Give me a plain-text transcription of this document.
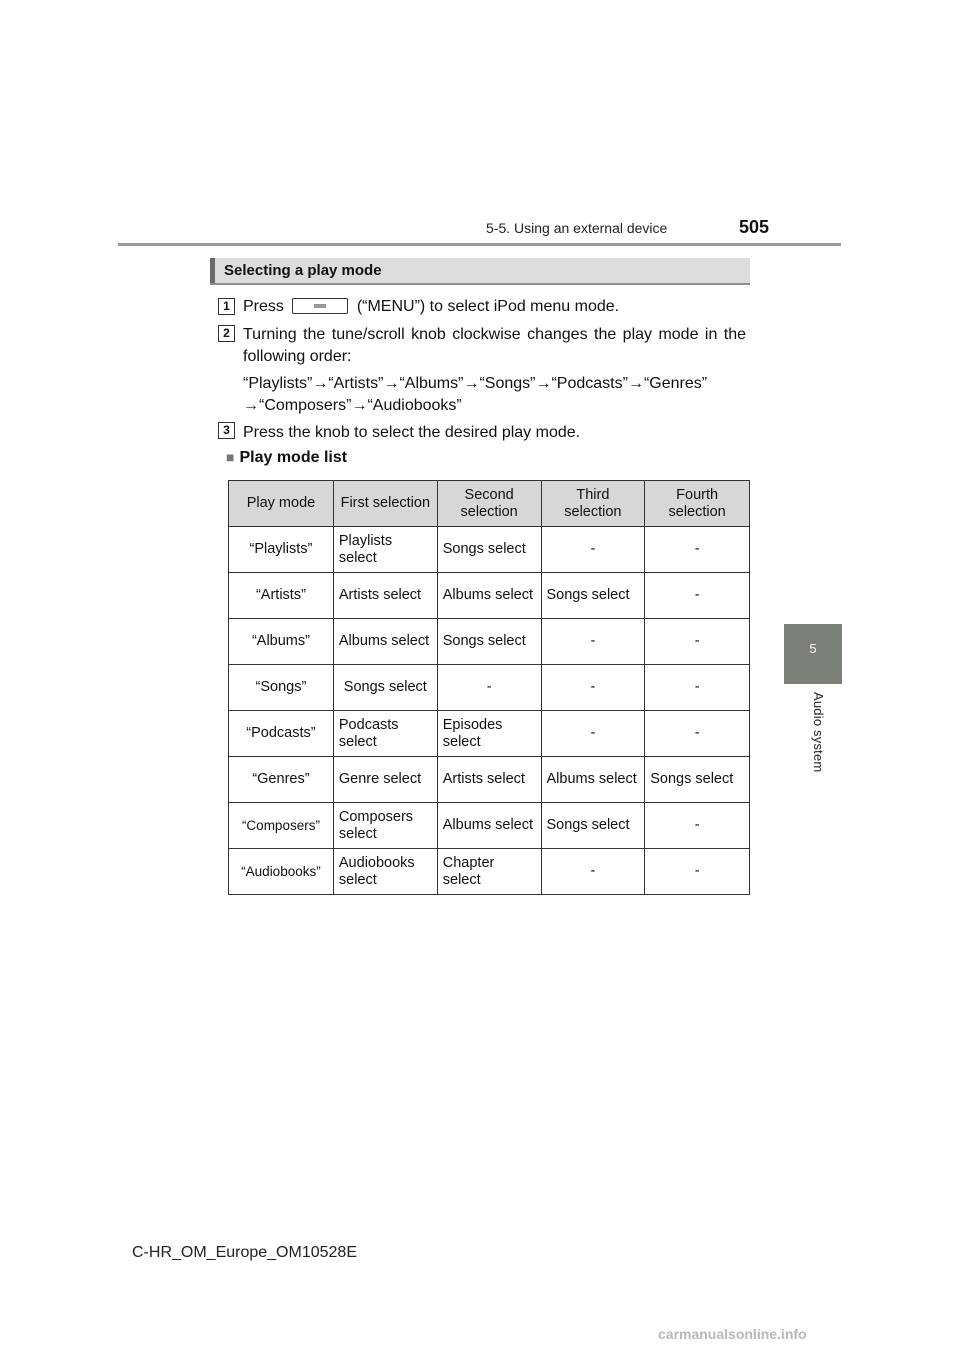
5-5. Using an external device	505
5
Audio system
Selecting a play mode
1 Press	(“MENU”) to select iPod menu mode.
2 Turning the tune/scroll knob clockwise changes the play mode in the following order:
“Playlists”→“Artists”→“Albums”→“Songs”→“Podcasts”→“Genres”
→“Composers”→“Audiobooks”
3 Press the knob to select the desired play mode.
■ Play mode list
Play mode	First selection	Second selection	Third selection	Fourth selection
“Playlists”	Playlists select	Songs select	-	-
“Artists”	Artists select	Albums select	Songs select	-
“Albums”	Albums select	Songs select	-	-
“Songs”	Songs select	-	-	-
“Podcasts”	Podcasts select	Episodes select	-	-
“Genres”	Genre select	Artists select	Albums select	Songs select
“Composers”	Composers select	Albums select	Songs select	-
“Audiobooks”	Audiobooks select	Chapter select	-	-
C-HR_OM_Europe_OM10528E
carmanualsonline.info
